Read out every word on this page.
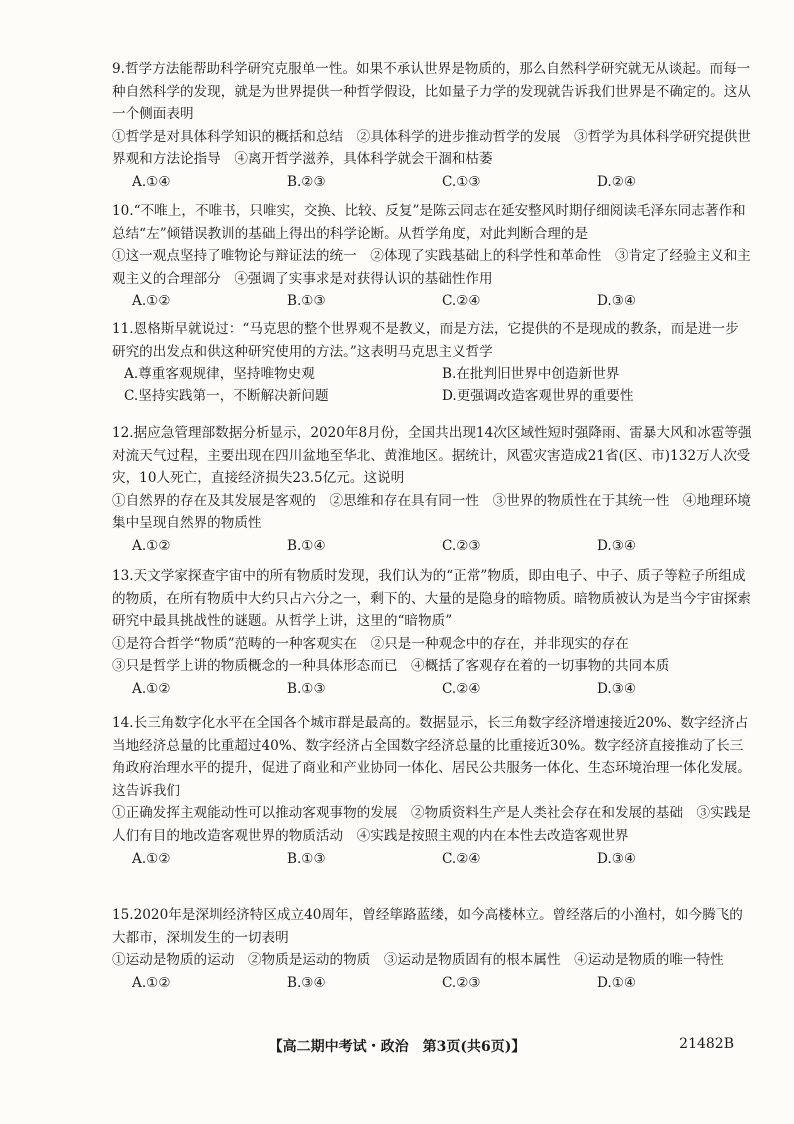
9.哲学方法能帮助科学研究克服单一性。如果不承认世界是物质的，那么自然科学研究就无从谈起。而每一种自然科学的发现，就是为世界提供一种哲学假设，比如量子力学的发现就告诉我们世界是不确定的。这从一个侧面表明

①哲学是对具体科学知识的概括和总结　②具体科学的进步推动哲学的发展　③哲学为具体科学研究提供世界观和方法论指导　④离开哲学滋养，具体科学就会干涸和枯萎

A.①④	B.②③	C.①③	D.②④

10.“不唯上，不唯书，只唯实，交换、比较、反复”是陈云同志在延安整风时期仔细阅读毛泽东同志著作和总结“左”倾错误教训的基础上得出的科学论断。从哲学角度，对此判断合理的是

①这一观点坚持了唯物论与辩证法的统一　②体现了实践基础上的科学性和革命性　③肯定了经验主义和主观主义的合理部分　④强调了实事求是对获得认识的基础性作用

A.①②	B.①③	C.②④	D.③④

11.恩格斯早就说过：“马克思的整个世界观不是教义，而是方法，它提供的不是现成的教条，而是进一步研究的出发点和供这种研究使用的方法。”这表明马克思主义哲学

A.尊重客观规律，坚持唯物史观	B.在批判旧世界中创造新世界
C.坚持实践第一，不断解决新问题	D.更强调改造客观世界的重要性

12.据应急管理部数据分析显示，2020年8月份，全国共出现14次区域性短时强降雨、雷暴大风和冰雹等强对流天气过程，主要出现在四川盆地至华北、黄淮地区。据统计，风雹灾害造成21省(区、市)132万人次受灾，10人死亡，直接经济损失23.5亿元。这说明

①自然界的存在及其发展是客观的　②思维和存在具有同一性　③世界的物质性在于其统一性　④地理环境集中呈现自然界的物质性

A.①②	B.①④	C.②③	D.③④

13.天文学家探查宇宙中的所有物质时发现，我们认为的“正常”物质，即由电子、中子、质子等粒子所组成的物质，在所有物质中大约只占六分之一，剩下的、大量的是隐身的暗物质。暗物质被认为是当今宇宙探索研究中最具挑战性的谜题。从哲学上讲，这里的“暗物质”

①是符合哲学“物质”范畴的一种客观实在　②只是一种观念中的存在，并非现实的存在

③只是哲学上讲的物质概念的一种具体形态而已　④概括了客观存在着的一切事物的共同本质

A.①②	B.①③	C.②④	D.③④

14.长三角数字化水平在全国各个城市群是最高的。数据显示，长三角数字经济增速接近20%、数字经济占当地经济总量的比重超过40%、数字经济占全国数字经济总量的比重接近30%。数字经济直接推动了长三角政府治理水平的提升，促进了商业和产业协同一体化、居民公共服务一体化、生态环境治理一体化发展。这告诉我们

①正确发挥主观能动性可以推动客观事物的发展　②物质资料生产是人类社会存在和发展的基础　③实践是人们有目的地改造客观世界的物质活动　④实践是按照主观的内在本性去改造客观世界

A.①②	B.①③	C.②④	D.③④

15.2020年是深圳经济特区成立40周年，曾经筚路蓝缕，如今高楼林立。曾经落后的小渔村，如今腾飞的大都市，深圳发生的一切表明

①运动是物质的运动　②物质是运动的物质　③运动是物质固有的根本属性　④运动是物质的唯一特性

A.①②	B.③④	C.②③	D.①④
【高二期中考试・政治　第3页(共6页)】	21482B
